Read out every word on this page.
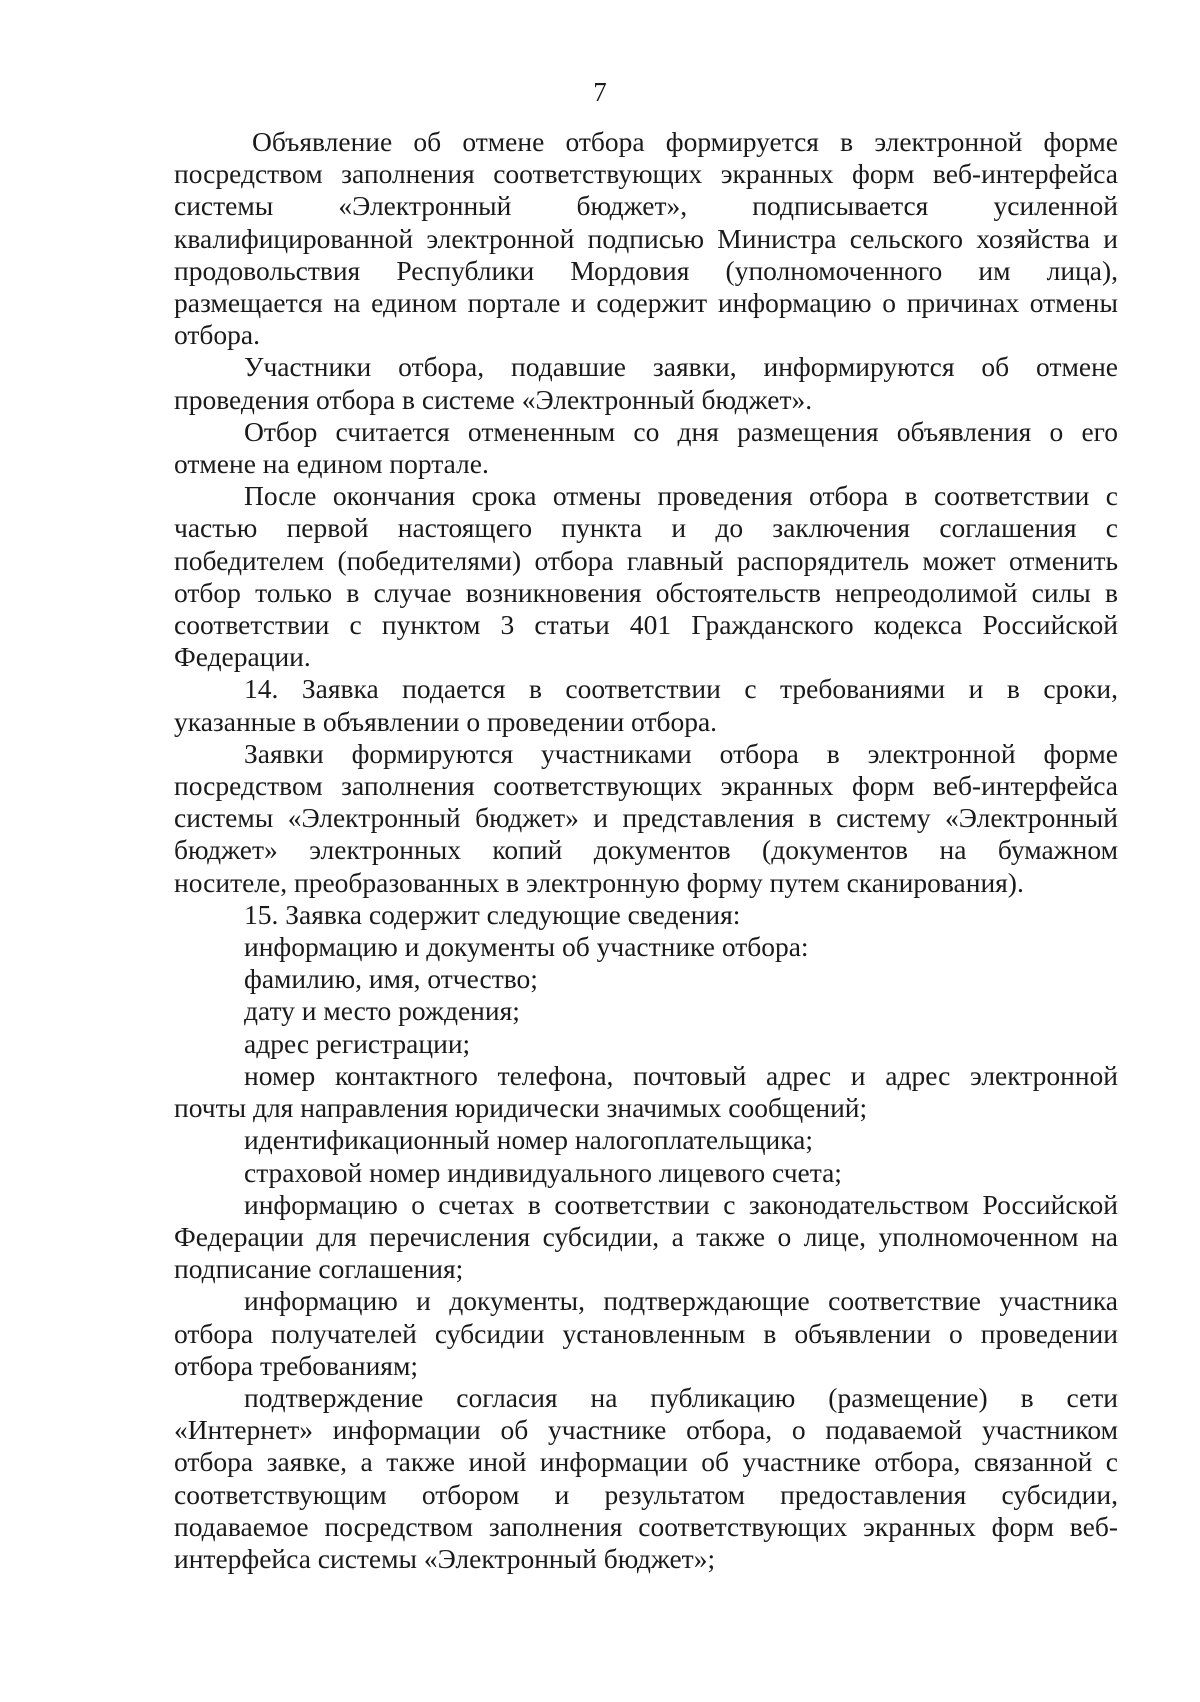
7
Объявление об отмене отбора формируется в электронной форме
посредством заполнения соответствующих экранных форм веб-интерфейса
системы «Электронный бюджет», подписывается усиленной
квалифицированной электронной подписью Министра сельского хозяйства и
продовольствия Республики Мордовия (уполномоченного им лица),
размещается на едином портале и содержит информацию о причинах отмены
отбора.
Участники отбора, подавшие заявки, информируются об отмене
проведения отбора в системе «Электронный бюджет».
Отбор считается отмененным со дня размещения объявления о его
отмене на едином портале.
После окончания срока отмены проведения отбора в соответствии с
частью первой настоящего пункта и до заключения соглашения с
победителем (победителями) отбора главный распорядитель может отменить
отбор только в случае возникновения обстоятельств непреодолимой силы в
соответствии с пунктом 3 статьи 401 Гражданского кодекса Российской
Федерации.
14. Заявка подается в соответствии с требованиями и в сроки,
указанные в объявлении о проведении отбора.
Заявки формируются участниками отбора в электронной форме
посредством заполнения соответствующих экранных форм веб-интерфейса
системы «Электронный бюджет» и представления в систему «Электронный
бюджет» электронных копий документов (документов на бумажном
носителе, преобразованных в электронную форму путем сканирования).
15. Заявка содержит следующие сведения:
информацию и документы об участнике отбора:
фамилию, имя, отчество;
дату и место рождения;
адрес регистрации;
номер контактного телефона, почтовый адрес и адрес электронной
почты для направления юридически значимых сообщений;
идентификационный номер налогоплательщика;
страховой номер индивидуального лицевого счета;
информацию о счетах в соответствии с законодательством Российской
Федерации для перечисления субсидии, а также о лице, уполномоченном на
подписание соглашения;
информацию и документы, подтверждающие соответствие участника
отбора получателей субсидии установленным в объявлении о проведении
отбора требованиям;
подтверждение согласия на публикацию (размещение) в сети
«Интернет» информации об участнике отбора, о подаваемой участником
отбора заявке, а также иной информации об участнике отбора, связанной с
соответствующим отбором и результатом предоставления субсидии,
подаваемое посредством заполнения соответствующих экранных форм веб-
интерфейса системы «Электронный бюджет»;
